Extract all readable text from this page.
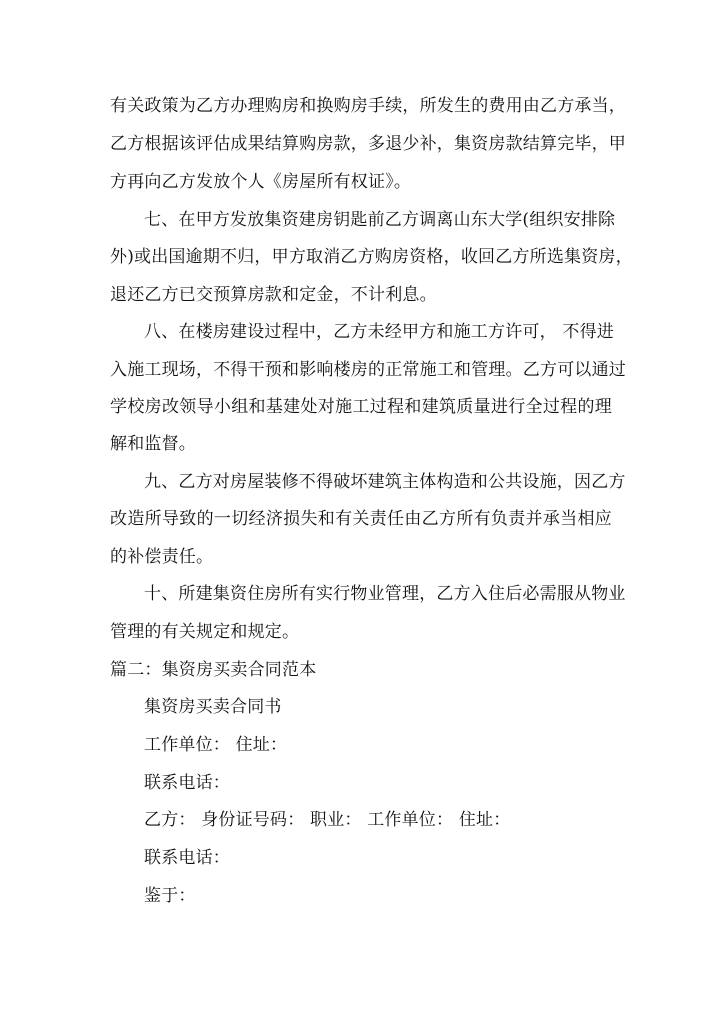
有关政策为乙方办理购房和换购房手续，所发生的费用由乙方承当，
乙方根据该评估成果结算购房款，多退少补，集资房款结算完毕，甲
方再向乙方发放个人《房屋所有权证》。
七、在甲方发放集资建房钥匙前乙方调离山东大学(组织安排除
外)或出国逾期不归，甲方取消乙方购房资格，收回乙方所选集资房，
退还乙方已交预算房款和定金，不计利息。
八、在楼房建设过程中，乙方未经甲方和施工方许可， 不得进
入施工现场，不得干预和影响楼房的正常施工和管理。乙方可以通过
学校房改领导小组和基建处对施工过程和建筑质量进行全过程的理
解和监督。
九、乙方对房屋装修不得破坏建筑主体构造和公共设施，因乙方
改造所导致的一切经济损失和有关责任由乙方所有负责并承当相应
的补偿责任。
十、所建集资住房所有实行物业管理，乙方入住后必需服从物业
管理的有关规定和规定。
篇二：集资房买卖合同范本
集资房买卖合同书
工作单位： 住址：
联系电话：
乙方： 身份证号码： 职业： 工作单位： 住址：
联系电话：
鉴于：
